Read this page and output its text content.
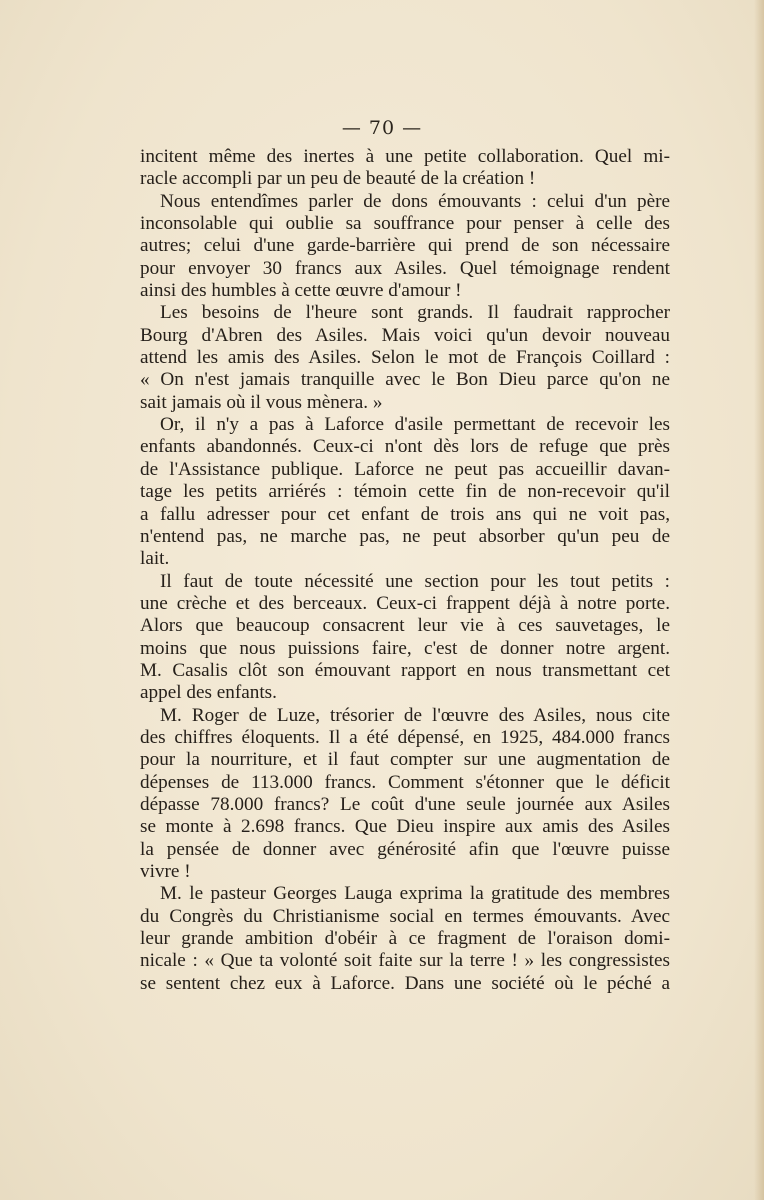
— 70 —
incitent même des inertes à une petite collaboration. Quel mi-
racle accompli par un peu de beauté de la création !
Nous entendîmes parler de dons émouvants : celui d'un père
inconsolable qui oublie sa souffrance pour penser à celle des
autres; celui d'une garde-barrière qui prend de son nécessaire
pour envoyer 30 francs aux Asiles. Quel témoignage rendent
ainsi des humbles à cette œuvre d'amour !
Les besoins de l'heure sont grands. Il faudrait rapprocher
Bourg d'Abren des Asiles. Mais voici qu'un devoir nouveau
attend les amis des Asiles. Selon le mot de François Coillard :
« On n'est jamais tranquille avec le Bon Dieu parce qu'on ne
sait jamais où il vous mènera. »
Or, il n'y a pas à Laforce d'asile permettant de recevoir les
enfants abandonnés. Ceux-ci n'ont dès lors de refuge que près
de l'Assistance publique. Laforce ne peut pas accueillir davan-
tage les petits arriérés : témoin cette fin de non-recevoir qu'il
a fallu adresser pour cet enfant de trois ans qui ne voit pas,
n'entend pas, ne marche pas, ne peut absorber qu'un peu de
lait.
Il faut de toute nécessité une section pour les tout petits :
une crèche et des berceaux. Ceux-ci frappent déjà à notre porte.
Alors que beaucoup consacrent leur vie à ces sauvetages, le
moins que nous puissions faire, c'est de donner notre argent.
M. Casalis clôt son émouvant rapport en nous transmettant cet
appel des enfants.
M. Roger de Luze, trésorier de l'œuvre des Asiles, nous cite
des chiffres éloquents. Il a été dépensé, en 1925, 484.000 francs
pour la nourriture, et il faut compter sur une augmentation de
dépenses de 113.000 francs. Comment s'étonner que le déficit
dépasse 78.000 francs? Le coût d'une seule journée aux Asiles
se monte à 2.698 francs. Que Dieu inspire aux amis des Asiles
la pensée de donner avec générosité afin que l'œuvre puisse
vivre !
M. le pasteur Georges Lauga exprima la gratitude des membres
du Congrès du Christianisme social en termes émouvants. Avec
leur grande ambition d'obéir à ce fragment de l'oraison domi-
nicale : « Que ta volonté soit faite sur la terre ! » les congressistes
se sentent chez eux à Laforce. Dans une société où le péché a
